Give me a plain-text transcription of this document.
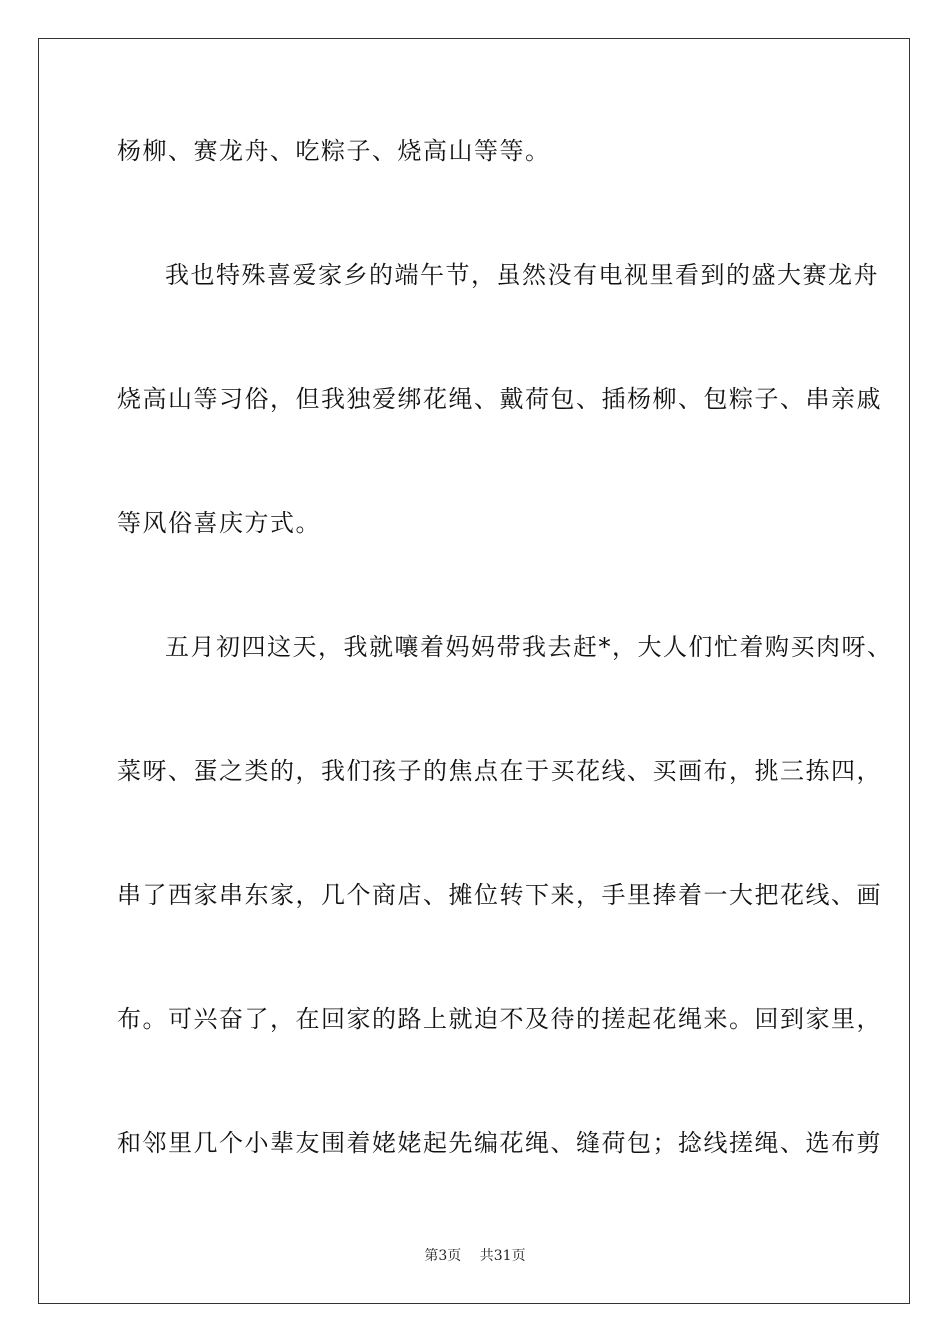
杨柳、赛龙舟、吃粽子、烧高山等等。
我也特殊喜爱家乡的端午节，虽然没有电视里看到的盛大赛龙舟
烧高山等习俗，但我独爱绑花绳、戴荷包、插杨柳、包粽子、串亲戚
等风俗喜庆方式。
五月初四这天，我就嚷着妈妈带我去赶*，大人们忙着购买肉呀、
菜呀、蛋之类的，我们孩子的焦点在于买花线、买画布，挑三拣四，
串了西家串东家，几个商店、摊位转下来，手里捧着一大把花线、画
布。可兴奋了，在回家的路上就迫不及待的搓起花绳来。回到家里，
和邻里几个小辈友围着姥姥起先编花绳、缝荷包；捻线搓绳、选布剪
第3页 共31页
